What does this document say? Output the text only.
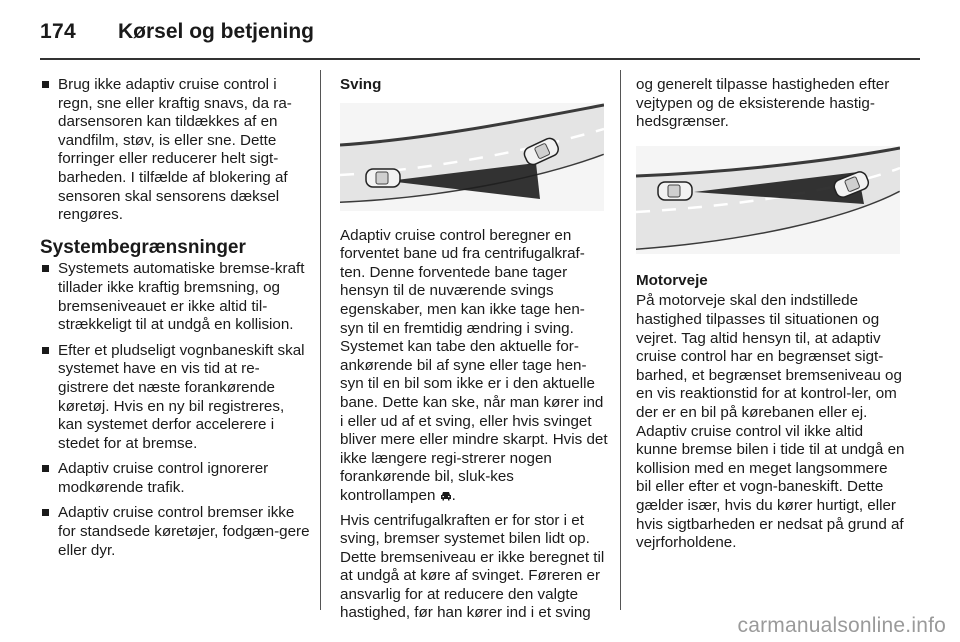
174 Kørsel og betjening
Brug ikke adaptiv cruise control i regn, sne eller kraftig snavs, da ra-darsensoren kan tildækkes af en vandfilm, støv, is eller sne. Dette forringer eller reducerer helt sigt-barheden. I tilfælde af blokering af sensoren skal sensorens dæksel rengøres.
Systembegrænsninger
Systemets automatiske bremse-kraft tillader ikke kraftig bremsning, og bremseniveauet er ikke altid til-strækkeligt til at undgå en kollision.
Efter et pludseligt vognbaneskift skal systemet have en vis tid at re-gistrere det næste forankørende køretøj. Hvis en ny bil registreres, kan systemet derfor accelerere i stedet for at bremse.
Adaptiv cruise control ignorerer modkørende trafik.
Adaptiv cruise control bremser ikke for standsede køretøjer, fodgæn-gere eller dyr.
Sving

Adaptiv cruise control beregner en forventet bane ud fra centrifugalkraf-ten. Denne forventede bane tager hensyn til de nuværende svings egenskaber, men kan ikke tage hen-syn til en fremtidig ændring i sving. Systemet kan tabe den aktuelle for-ankørende bil af syne eller tage hen-syn til en bil som ikke er i den aktuelle bane. Dette kan ske, når man kører ind i eller ud af et sving, eller hvis svinget bliver mere eller mindre skarpt. Hvis det ikke længere regi-strerer nogen forankørende bil, sluk-kes kontrollampen .

Hvis centrifugalkraften er for stor i et sving, bremser systemet bilen lidt op. Dette bremseniveau er ikke beregnet til at undgå at køre af svinget. Føreren er ansvarlig for at reducere den valgte hastighed, før han kører ind i et sving

og generelt tilpasse hastigheden efter vejtypen og de eksisterende hastig-hedsgrænser.

Motorveje

På motorveje skal den indstillede hastighed tilpasses til situationen og vejret. Tag altid hensyn til, at adaptiv cruise control har en begrænset sigt-barhed, et begrænset bremseniveau og en vis reaktionstid for at kontrol-ler, om der er en bil på kørebanen eller ej. Adaptiv cruise control vil ikke altid kunne bremse bilen i tide til at undgå en kollision med en meget langsommere bil eller efter et vogn-baneskift. Dette gælder især, hvis du kører hurtigt, eller hvis sigtbarheden er nedsat på grund af vejrforholdene.

carmanualsonline.info
